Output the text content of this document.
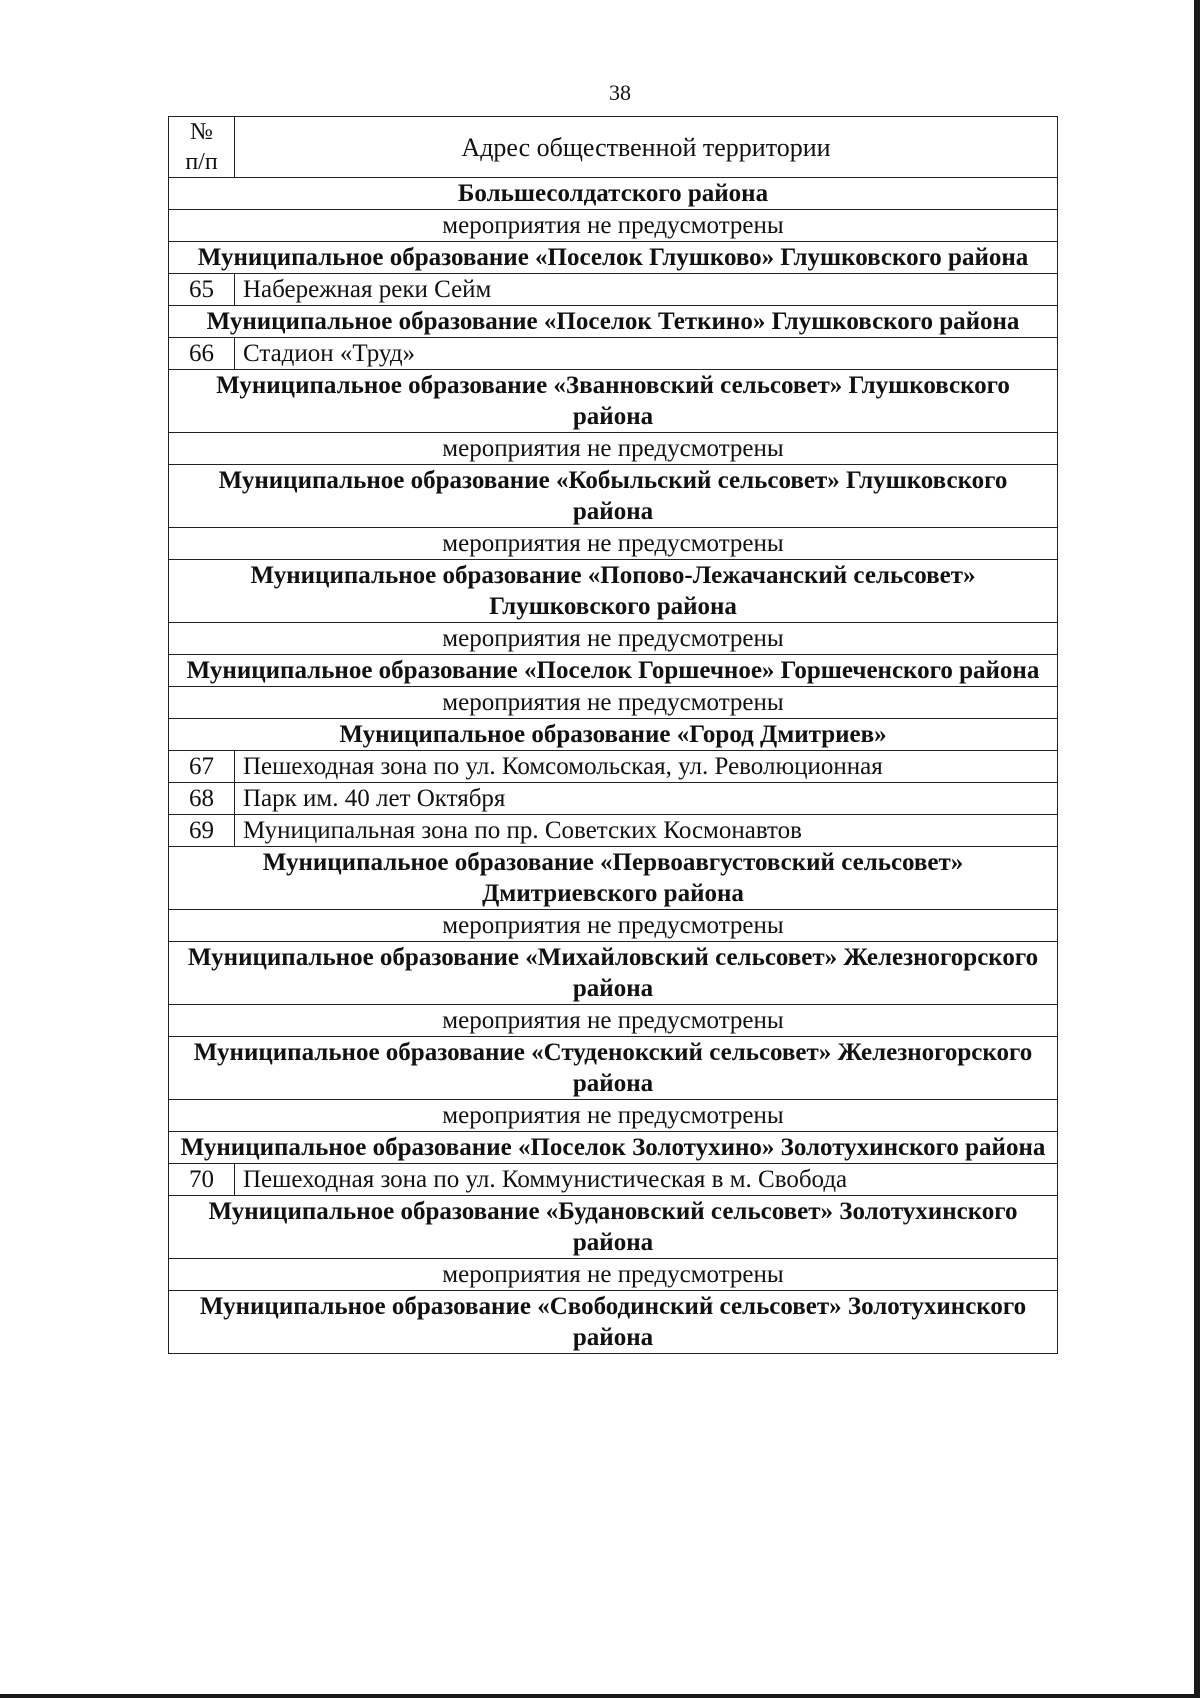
38
№
п/п	Адрес общественной территории
Большесолдатского района	
мероприятия не предусмотрены	
Муниципальное образование «Поселок Глушково» Глушковского района	
65	Набережная реки Сейм
Муниципальное образование «Поселок Теткино» Глушковского района	
66	Стадион «Труд»
Муниципальное образование «Званновский сельсовет» Глушковского района	
мероприятия не предусмотрены	
Муниципальное образование «Кобыльский сельсовет» Глушковского района	
мероприятия не предусмотрены	
Муниципальное образование «Попово-Лежачанский сельсовет» Глушковского района	
мероприятия не предусмотрены	
Муниципальное образование «Поселок Горшечное» Горшеченского района	
мероприятия не предусмотрены	
Муниципальное образование «Город Дмитриев»	
67	Пешеходная зона по ул. Комсомольская, ул. Революционная
68	Парк им. 40 лет Октября
69	Муниципальная зона по пр. Советских Космонавтов
Муниципальное образование «Первоавгустовский сельсовет» Дмитриевского района	
мероприятия не предусмотрены	
Муниципальное образование «Михайловский сельсовет» Железногорского района	
мероприятия не предусмотрены	
Муниципальное образование «Студенокский сельсовет» Железногорского района	
мероприятия не предусмотрены	
Муниципальное образование «Поселок Золотухино» Золотухинского района	
70	Пешеходная зона по ул. Коммунистическая в м. Свобода
Муниципальное образование «Будановский сельсовет» Золотухинского района	
мероприятия не предусмотрены	
Муниципальное образование «Свободинский сельсовет» Золотухинского района	
